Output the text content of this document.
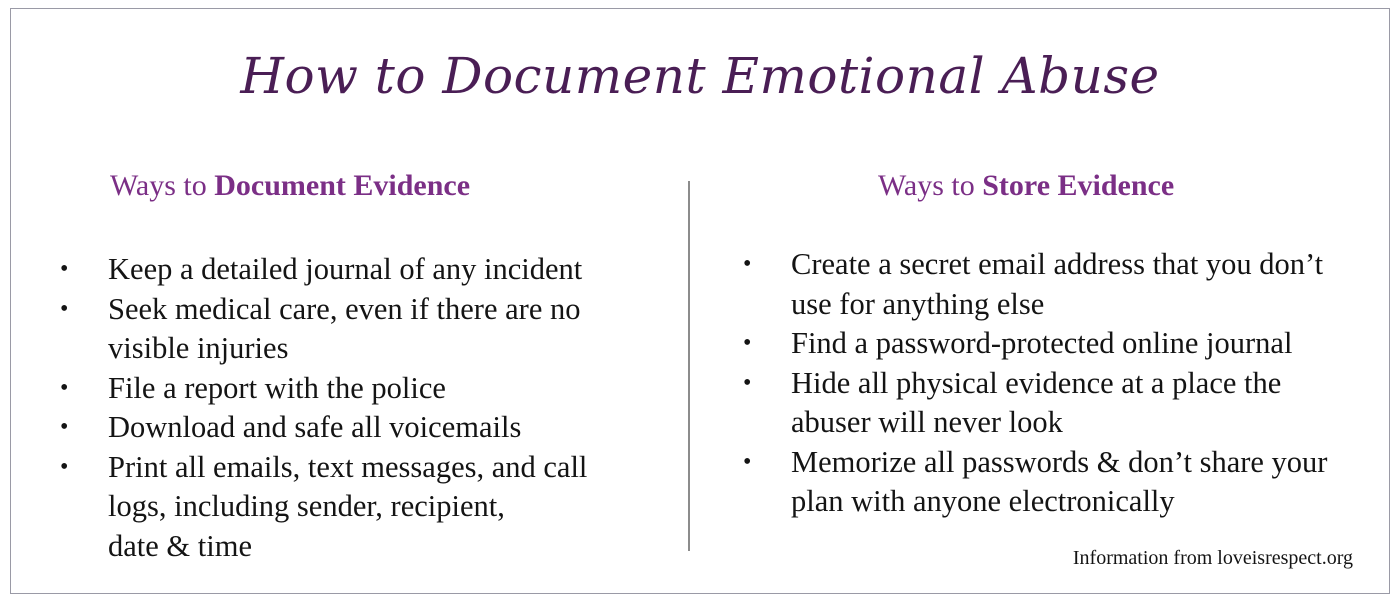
How to Document Emotional Abuse
Ways to Document Evidence	Ways to Store Evidence
• Keep a detailed journal of any incident
• Seek medical care, even if there are no visible injuries
• File a report with the police
• Download and safe all voicemails
• Print all emails, text messages, and call logs, including sender, recipient,
date & time
• Create a secret email address that you don’t use for anything else
• Find a password-protected online journal
• Hide all physical evidence at a place the abuser will never look
• Memorize all passwords & don’t share your plan with anyone electronically
Information from loveisrespect.org
